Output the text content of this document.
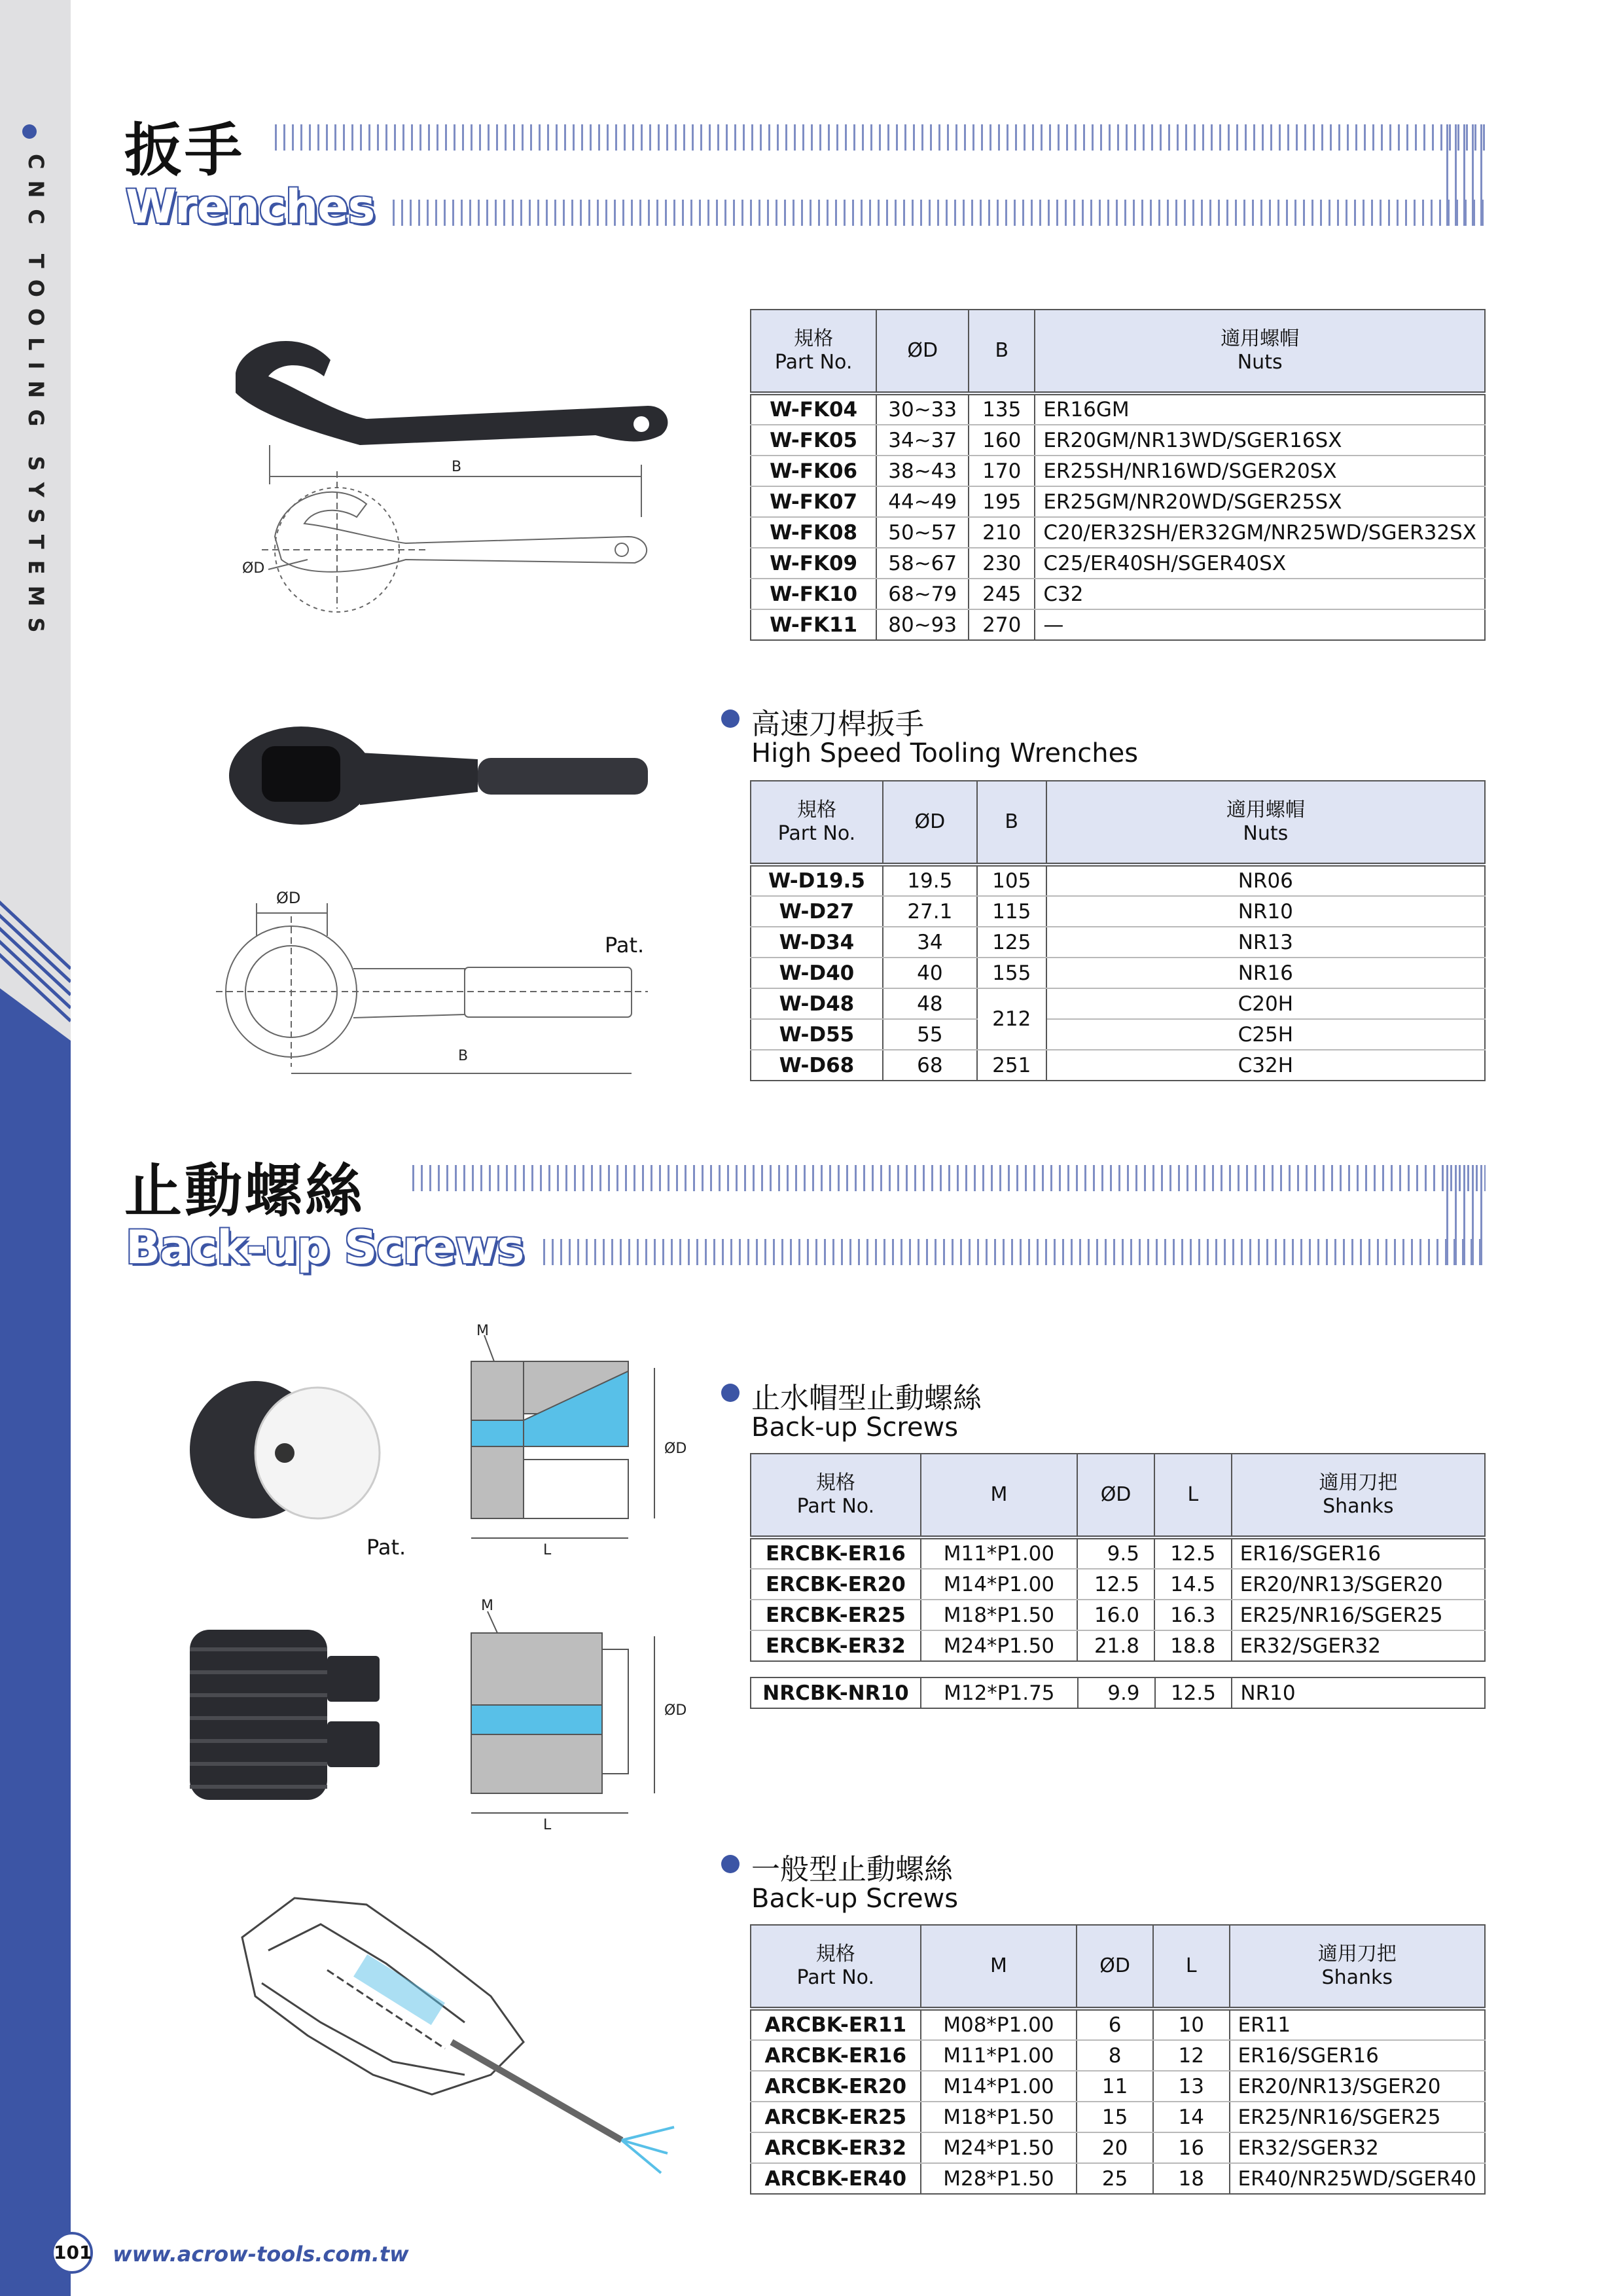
CNC TOOLING SYSTEMS
扳手
Wrenches
B
ØD
規格
Part No.	ØD	B	適用螺帽
Nuts
W-FK04	30~33	135	ER16GM
W-FK05	34~37	160	ER20GM/NR13WD/SGER16SX
W-FK06	38~43	170	ER25SH/NR16WD/SGER20SX
W-FK07	44~49	195	ER25GM/NR20WD/SGER25SX
W-FK08	50~57	210	C20/ER32SH/ER32GM/NR25WD/SGER32SX
W-FK09	58~67	230	C25/ER40SH/SGER40SX
W-FK10	68~79	245	C32
W-FK11	80~93	270	—
高速刀桿扳手
High Speed Tooling Wrenches
ØD
B
Pat.
規格
Part No.	ØD	B	適用螺帽
Nuts
W-D19.5	19.5	105	NR06
W-D27	27.1	115	NR10
W-D34	34	125	NR13
W-D40	40	155	NR16
W-D48	48	212	C20H
W-D55	55		C25H
W-D68	68	251	C32H
止動螺絲
Back-up Screws
Pat.
M
L
ØD
止水帽型止動螺絲
Back-up Screws
規格
Part No.	M	ØD	L	適用刀把
Shanks
ERCBK-ER16	M11*P1.00	9.5	12.5	ER16/SGER16
ERCBK-ER20	M14*P1.00	12.5	14.5	ER20/NR13/SGER20
ERCBK-ER25	M18*P1.50	16.0	16.3	ER25/NR16/SGER25
ERCBK-ER32	M24*P1.50	21.8	18.8	ER32/SGER32
NRCBK-NR10	M12*P1.75	9.9	12.5	NR10
M
L
ØD
一般型止動螺絲
Back-up Screws
規格
Part No.	M	ØD	L	適用刀把
Shanks
ARCBK-ER11	M08*P1.00	6	10	ER11
ARCBK-ER16	M11*P1.00	8	12	ER16/SGER16
ARCBK-ER20	M14*P1.00	11	13	ER20/NR13/SGER20
ARCBK-ER25	M18*P1.50	15	14	ER25/NR16/SGER25
ARCBK-ER32	M24*P1.50	20	16	ER32/SGER32
ARCBK-ER40	M28*P1.50	25	18	ER40/NR25WD/SGER40
101 www.acrow-tools.com.tw
